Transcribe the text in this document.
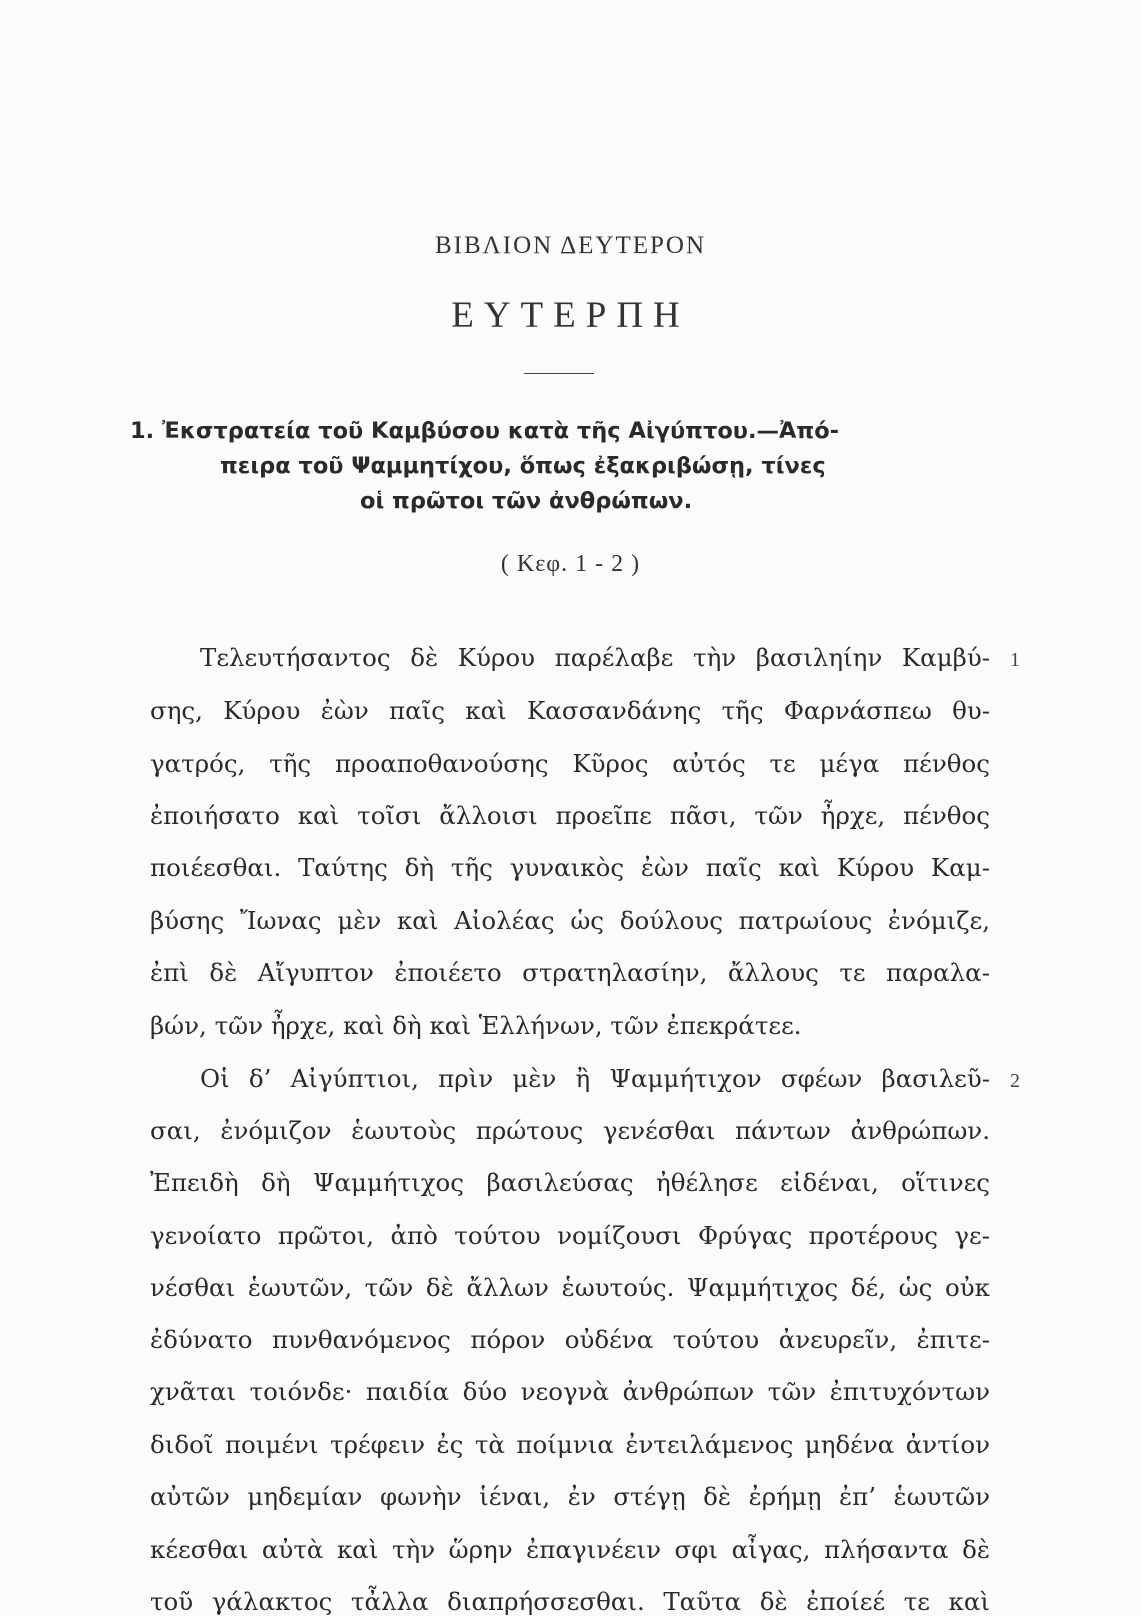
ΒΙΒΛΙΟΝ ΔΕΥΤΕΡΟΝ
ΕΥΤΕΡΠΗ
1. Ἐκστρατεία τοῦ Καμβύσου κατὰ τῆς Αἰγύπτου.—Ἀπό-
πειρα τοῦ Ψαμμητίχου, ὅπως ἐξακριβώσῃ, τίνες
οἱ πρῶτοι τῶν ἀνθρώπων.
( Κεφ. 1 - 2 )
Τελευτήσαντος δὲ Κύρου παρέλαβε τὴν βασιληίην Καμβύ-
σης, Κύρου ἐὼν παῖς καὶ Κασσανδάνης τῆς Φαρνάσπεω θυ-
γατρός, τῆς προαποθανούσης Κῦρος αὐτός τε μέγα πένθος
ἐποιήσατο καὶ τοῖσι ἄλλοισι προεῖπε πᾶσι, τῶν ἦρχε, πένθος
ποιέεσθαι. Ταύτης δὴ τῆς γυναικὸς ἐὼν παῖς καὶ Κύρου Καμ-
βύσης Ἴωνας μὲν καὶ Αἰολέας ὡς δούλους πατρωίους ἐνόμιζε,
ἐπὶ δὲ Αἴγυπτον ἐποιέετο στρατηλασίην, ἄλλους τε παραλα-
βών, τῶν ἦρχε, καὶ δὴ καὶ Ἑλλήνων, τῶν ἐπεκράτεε.
Οἱ δ’ Αἰγύπτιοι, πρὶν μὲν ἢ Ψαμμήτιχον σφέων βασιλεῦ-
σαι, ἐνόμιζον ἑωυτοὺς πρώτους γενέσθαι πάντων ἀνθρώπων.
Ἐπειδὴ δὴ Ψαμμήτιχος βασιλεύσας ἠθέλησε εἰδέναι, οἵτινες
γενοίατο πρῶτοι, ἀπὸ τούτου νομίζουσι Φρύγας προτέρους γε-
νέσθαι ἑωυτῶν, τῶν δὲ ἄλλων ἑωυτούς. Ψαμμήτιχος δέ, ὡς οὐκ
ἐδύνατο πυνθανόμενος πόρον οὐδένα τούτου ἀνευρεῖν, ἐπιτε-
χνᾶται τοιόνδε· παιδία δύο νεογνὰ ἀνθρώπων τῶν ἐπιτυχόντων
διδοῖ ποιμένι τρέφειν ἐς τὰ ποίμνια ἐντειλάμενος μηδένα ἀντίον
αὐτῶν μηδεμίαν φωνὴν ἱέναι, ἐν στέγῃ δὲ ἐρήμῃ ἐπ’ ἑωυτῶν
κέεσθαι αὐτὰ καὶ τὴν ὥρην ἐπαγινέειν σφι αἶγας, πλήσαντα δὲ
τοῦ γάλακτος τἆλλα διαπρήσσεσθαι. Ταῦτα δὲ ἐποίεέ τε καὶ
1
2
